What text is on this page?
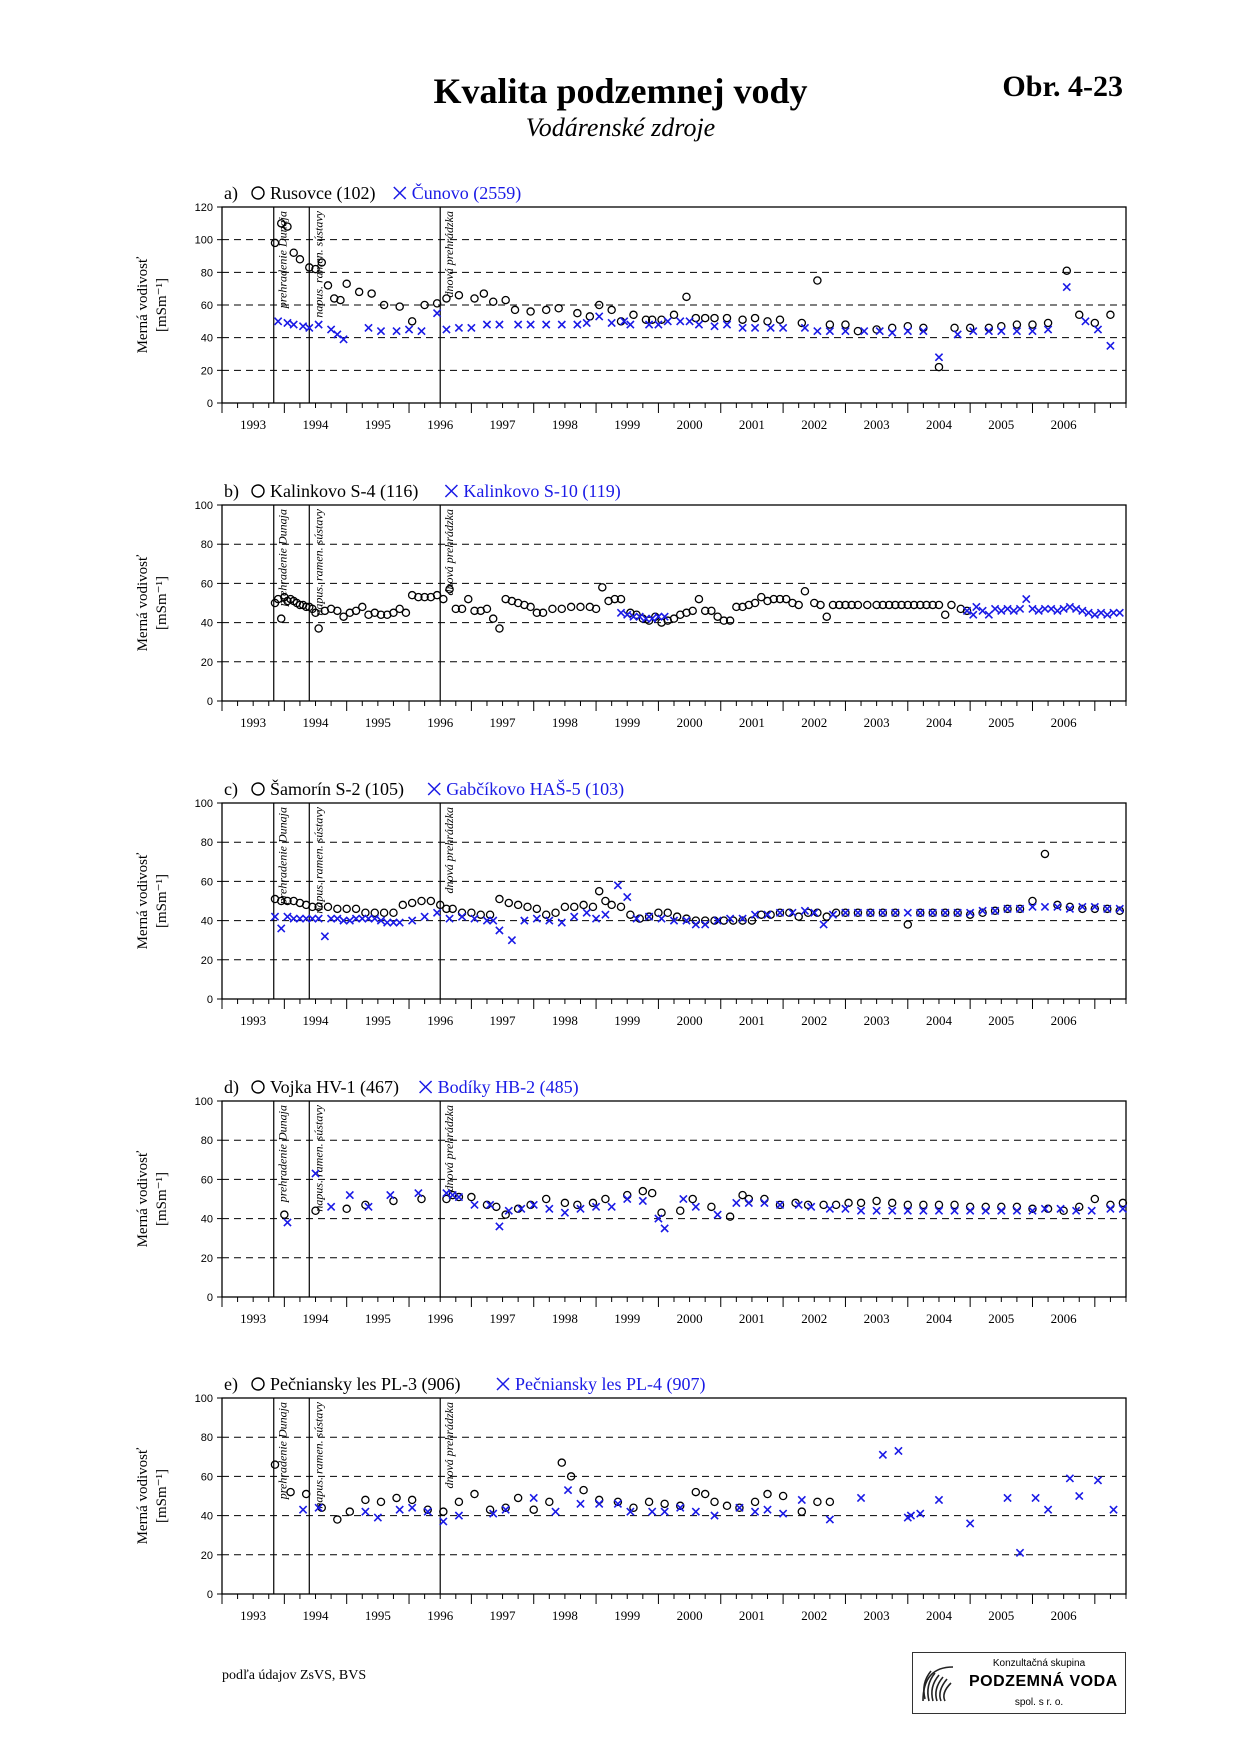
Kvalita podzemnej vody
Vodárenské zdroje
Obr. 4-23
0
20
40
60
80
100
120
1993	1994	1995	1996	1997	1998	1999	2000	2001	2002	2003	2004	2005	2006
prehradenie Dunaja napus. ramen. sústavy	dnová prehrádzka
Merná vodivosť [mSm⁻¹]
a) Rusovce (102) Čunovo (2559)
0
20
40
60
80
100
1993	1994	1995	1996	1997	1998	1999	2000	2001	2002	2003	2004	2005	2006
prehradenie Dunaja napus. ramen. sústavy	dnová prehrádzka
Merná vodivosť [mSm⁻¹]
b) Kalinkovo S-4 (116)	Kalinkovo S-10 (119)
0
20
40
60
80
100
1993	1994	1995	1996	1997	1998	1999	2000	2001	2002	2003	2004	2005	2006
prehradenie Dunaja napus. ramen. sústavy	dnová prehrádzka
Merná vodivosť [mSm⁻¹]
c) Šamorín S-2 (105) Gabčíkovo HAŠ-5 (103)
0
20
40
60
80
100
1993	1994	1995	1996	1997	1998	1999	2000	2001	2002	2003	2004	2005	2006
prehradenie Dunaja napus. ramen. sústavy	dnová prehrádzka
Merná vodivosť [mSm⁻¹]
d) Vojka HV-1 (467) Bodíky HB-2 (485)
0
20
40
60
80
100
1993	1994	1995	1996	1997	1998	1999	2000	2001	2002	2003	2004	2005	2006
prehradenie Dunaja napus. ramen. sústavy	dnová prehrádzka
Merná vodivosť [mSm⁻¹]
e) Pečniansky les PL-3 (906)	Pečniansky les PL-4 (907)
podľa údajov ZsVS, BVS
Konzultačná skupina
PODZEMNÁ VODA
spol. s r. o.
